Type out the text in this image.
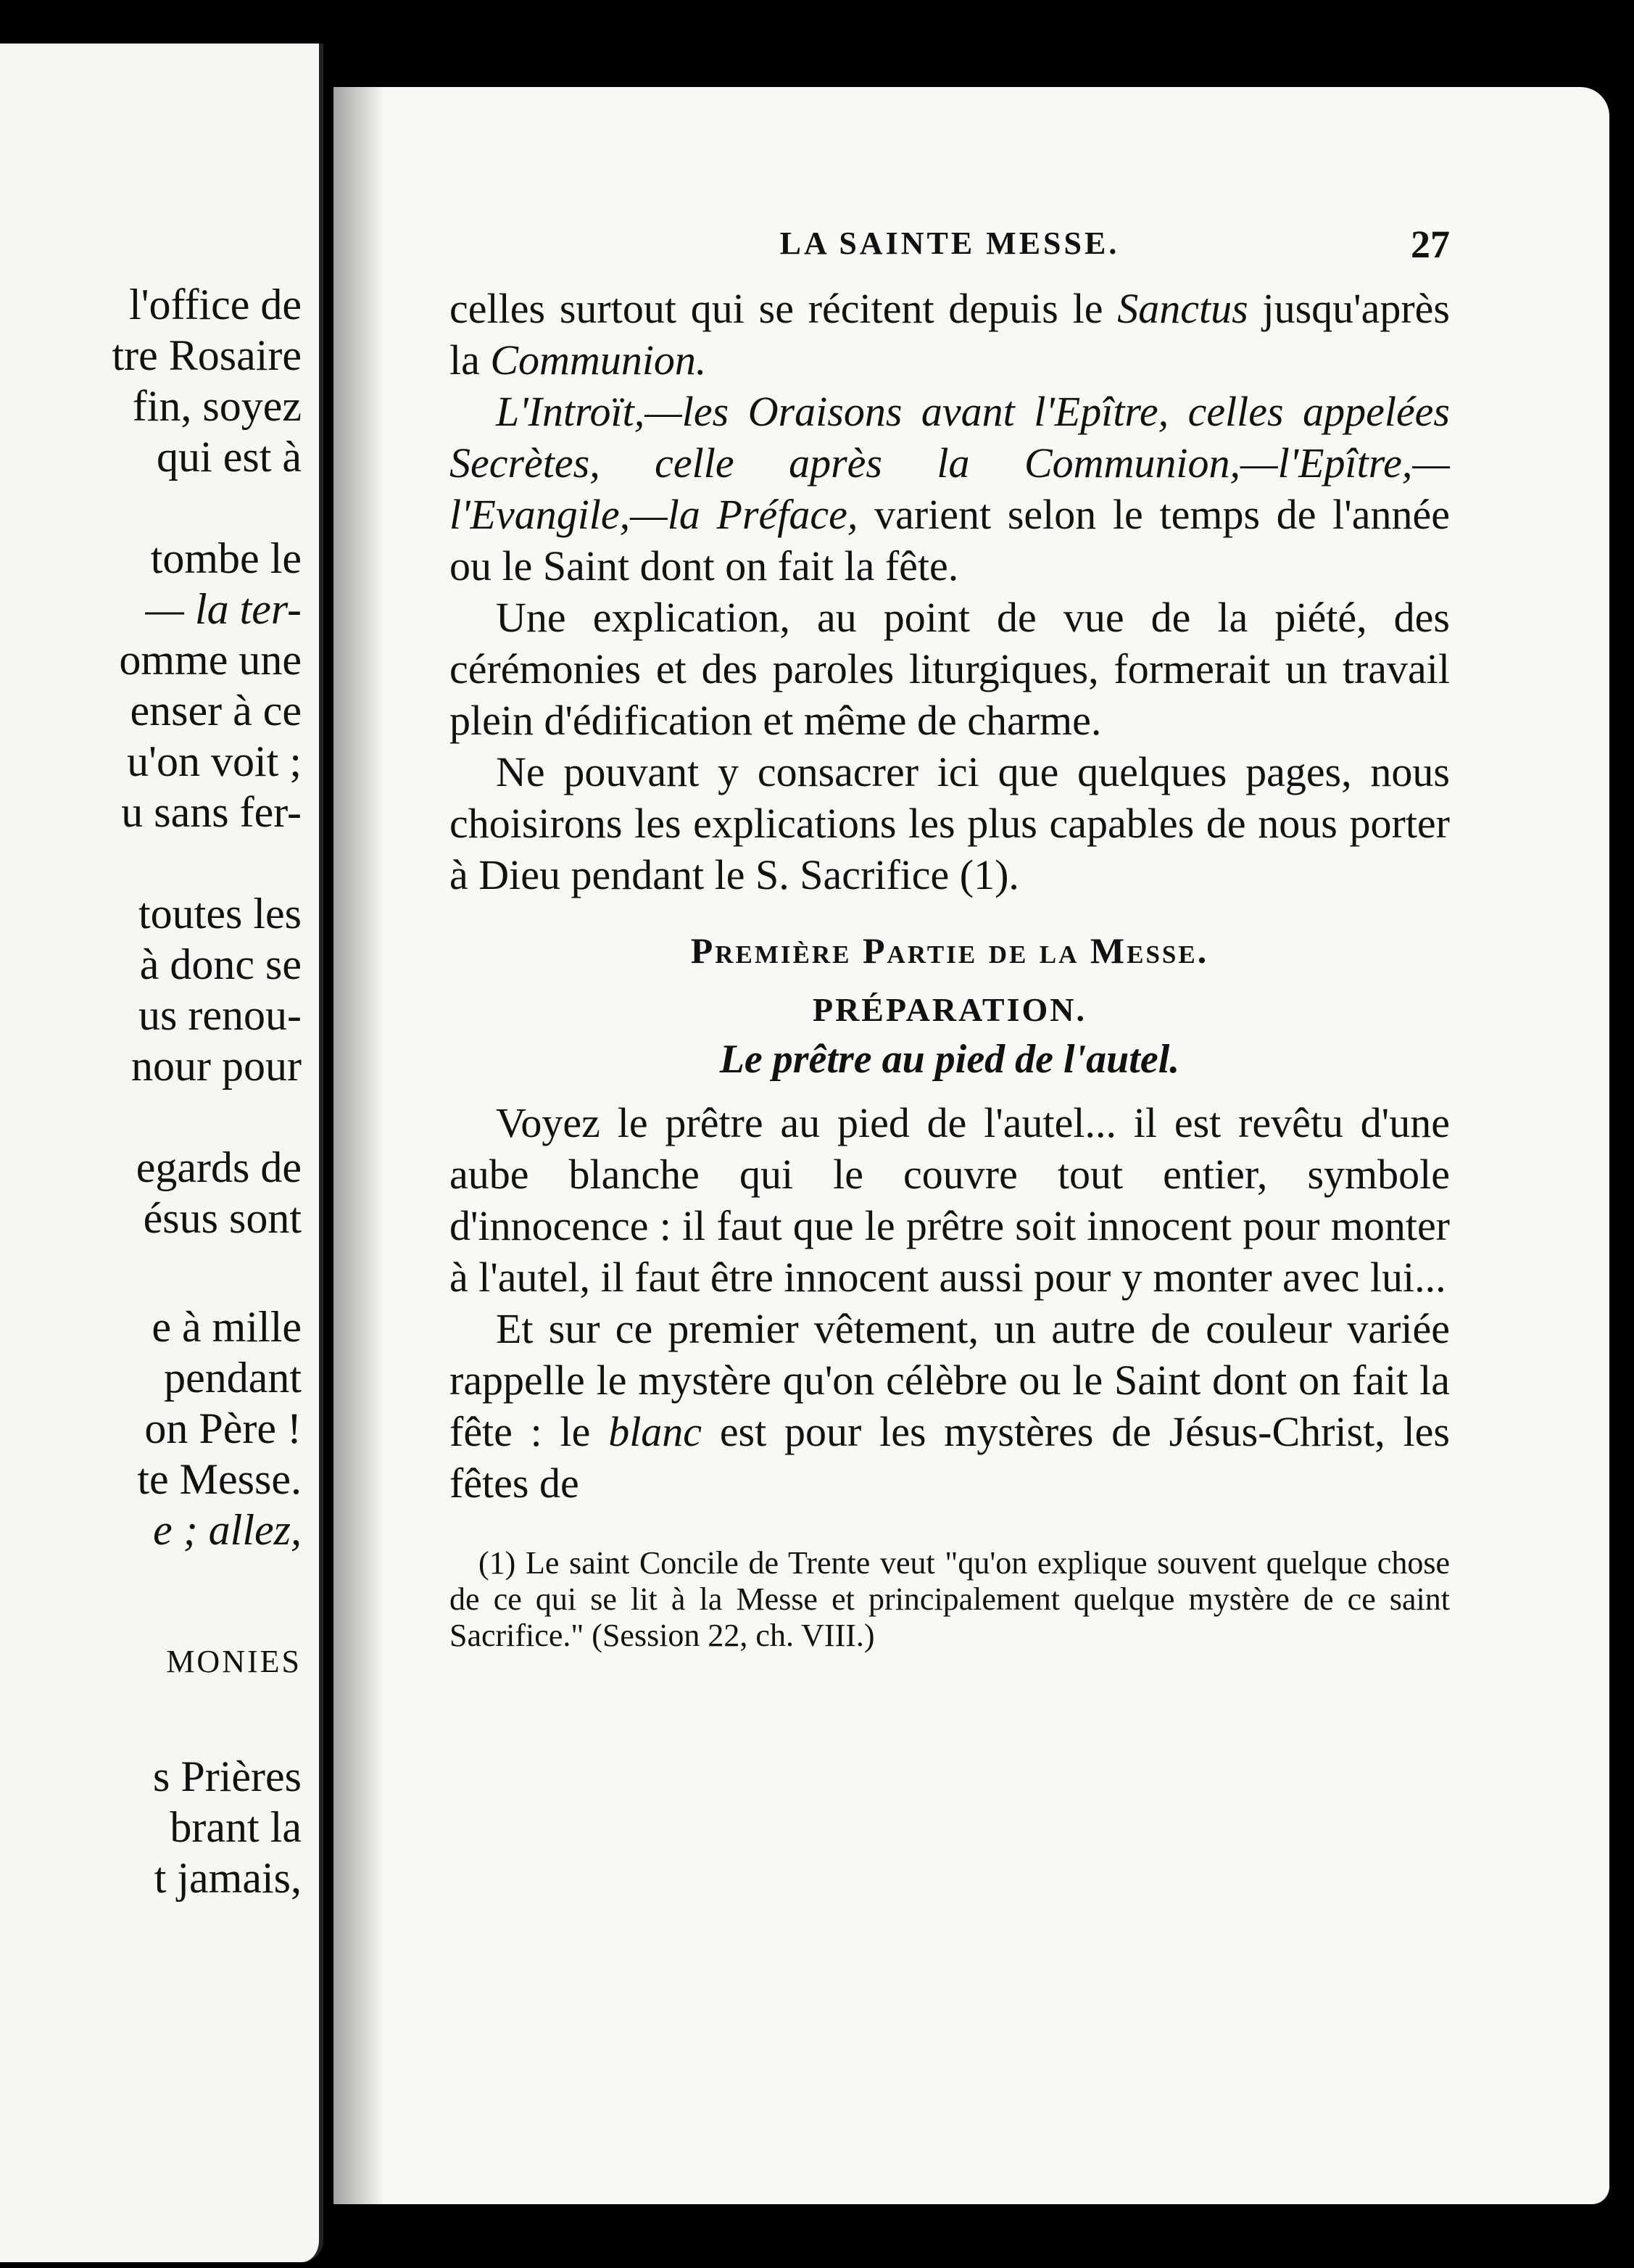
l'office de
tre Rosaire
fin, soyez
qui est à
tombe le
— la ter-
omme une
enser à ce
u'on voit ;
u sans fer-
toutes les
à donc se
us renou-
nour pour
egards de
ésus sont
e à mille
pendant
on Père !
te Messe.
e ; allez,
MONIES
s Prières
brant la
t jamais,
LA SAINTE MESSE.	27

celles surtout qui se récitent depuis le Sanctus jusqu'après la Communion.

L'Introït,—les Oraisons avant l'Epître, celles appelées Secrètes, celle après la Communion,—l'Epître,—l'Evangile,—la Préface, varient selon le temps de l'année ou le Saint dont on fait la fête.

Une explication, au point de vue de la piété, des cérémonies et des paroles liturgiques, formerait un travail plein d'édification et même de charme.

Ne pouvant y consacrer ici que quelques pages, nous choisirons les explications les plus capables de nous porter à Dieu pendant le S. Sacrifice (1).

Première Partie de la Messe.
PRÉPARATION.
Le prêtre au pied de l'autel.

Voyez le prêtre au pied de l'autel... il est revêtu d'une aube blanche qui le couvre tout entier, symbole d'innocence : il faut que le prêtre soit innocent pour monter à l'autel, il faut être innocent aussi pour y monter avec lui...

Et sur ce premier vêtement, un autre de couleur variée rappelle le mystère qu'on célèbre ou le Saint dont on fait la fête : le blanc est pour les mystères de Jésus-Christ, les fêtes de

(1) Le saint Concile de Trente veut "qu'on explique souvent quelque chose de ce qui se lit à la Messe et principalement quelque mystère de ce saint Sacrifice." (Session 22, ch. VIII.)
